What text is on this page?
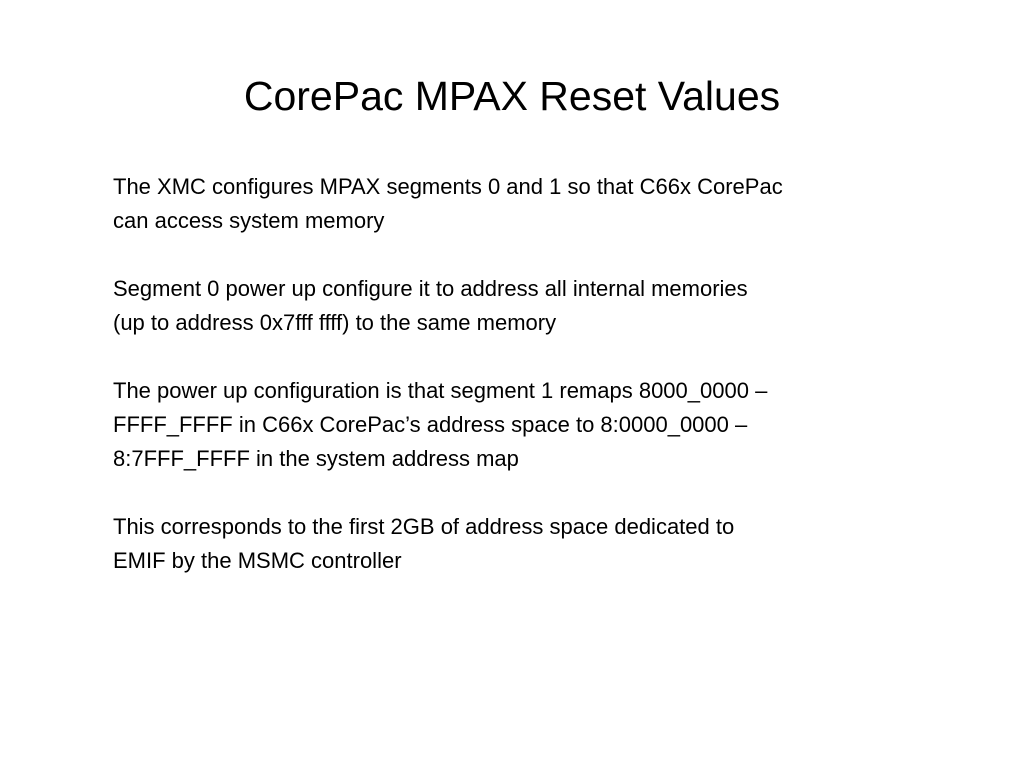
CorePac MPAX Reset Values

The XMC configures MPAX segments 0 and 1 so that C66x CorePac
can access system memory

Segment 0 power up configure it to address all internal memories
(up to address 0x7fff ffff) to the same memory

The power up configuration is that segment 1 remaps 8000_0000 –
FFFF_FFFF in C66x CorePac’s address space to 8:0000_0000 –
8:7FFF_FFFF in the system address map

This corresponds to the first 2GB of address space dedicated to
EMIF by the MSMC controller
